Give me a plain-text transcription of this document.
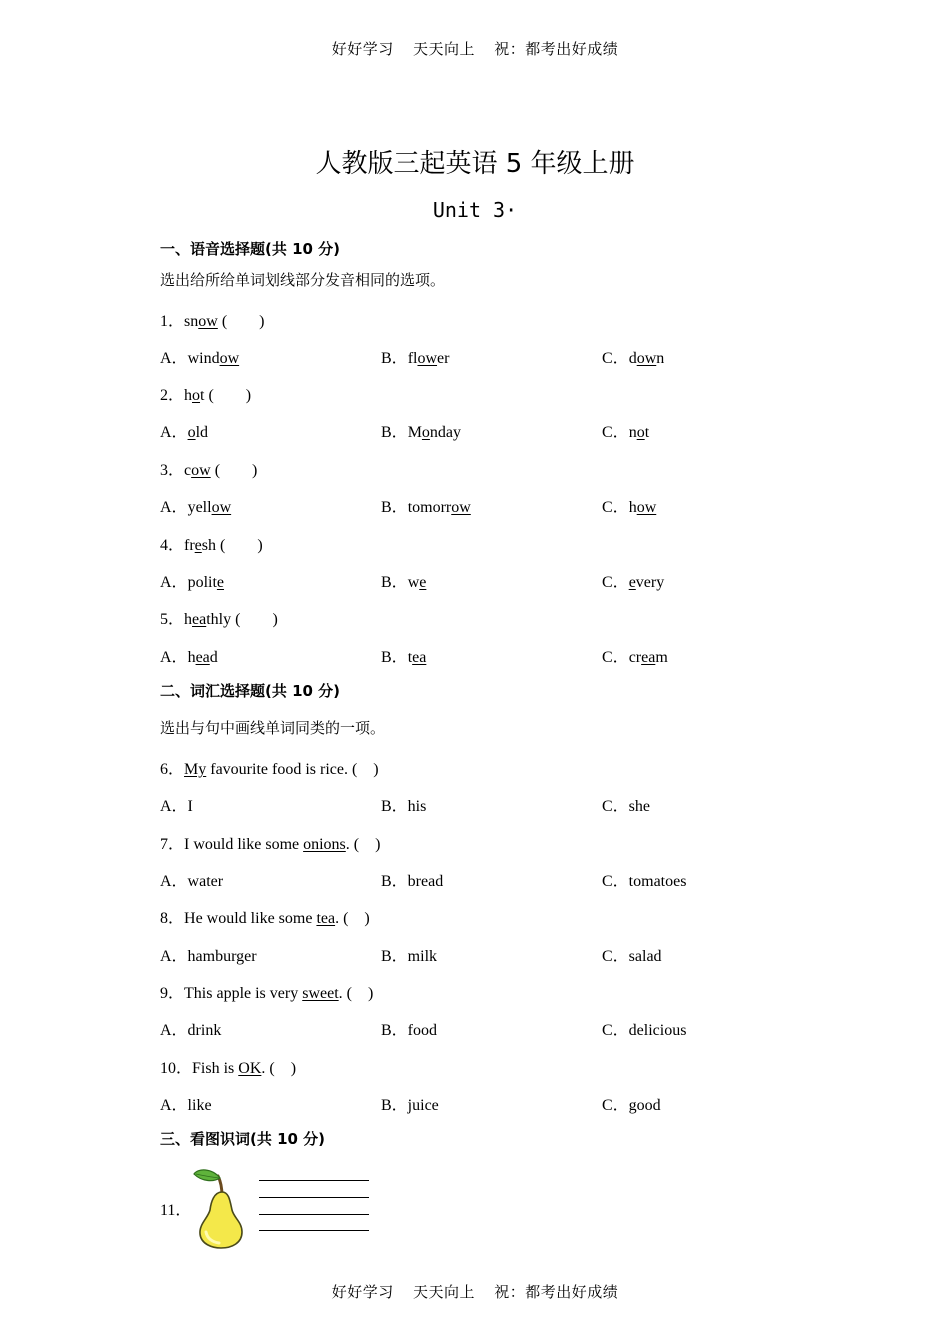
好好学习 天天向上 祝：都考出好成绩
人教版三起英语 5 年级上册
Unit 3·
一、语音选择题(共 10 分)
选出给所给单词划线部分发音相同的选项。
1．snow (　　)
A．window	B．flower	C．down
2．hot (　　)
A．old	B．Monday	C．not
3．cow (　　)
A．yellow	B．tomorrow	C．how
4．fresh (　　)
A．polite	B．we	C．every
5．heathly (　　)
A．head	B．tea	C．cream
二、词汇选择题(共 10 分)
选出与句中画线单词同类的一项。
6．My favourite food is rice. (　)
A．I	B．his	C．she
7．I would like some onions. (　)
A．water	B．bread	C．tomatoes
8．He would like some tea. (　)
A．hamburger	B．milk	C．salad
9．This apple is very sweet. (　)
A．drink	B．food	C．delicious
10．Fish is OK. (　)
A．like	B．juice	C．good
三、看图识词(共 10 分)
11．
好好学习 天天向上 祝：都考出好成绩
